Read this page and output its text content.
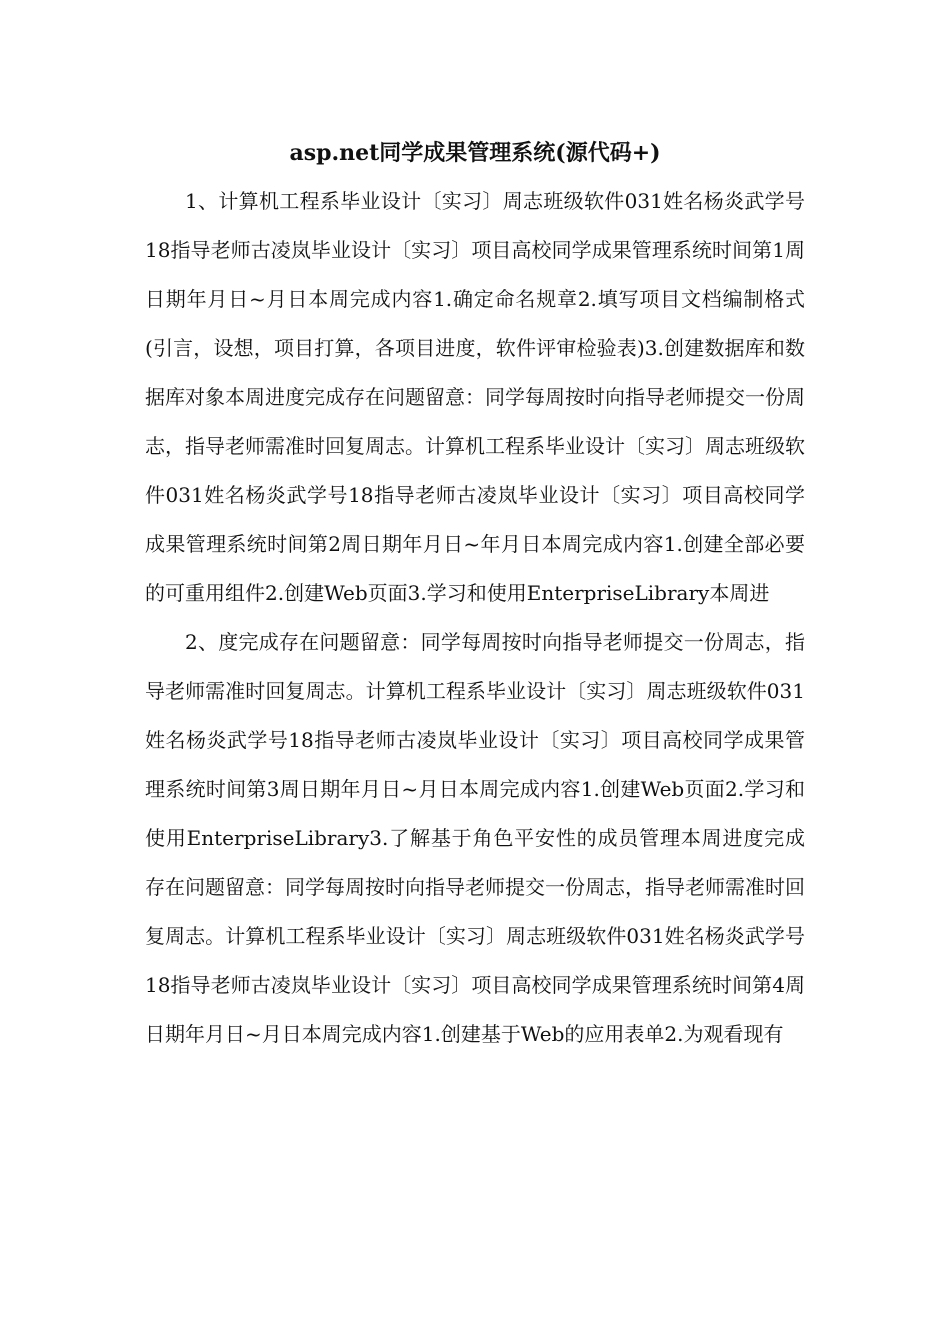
asp.net同学成果管理系统(源代码+)

1、计算机工程系毕业设计〔实习〕周志班级软件031姓名杨炎武学号18指导老师古凌岚毕业设计〔实习〕项目高校同学成果管理系统时间第1周日期年月日~月日本周完成内容1.确定命名规章2.填写项目文档编制格式(引言，设想，项目打算，各项目进度，软件评审检验表)3.创建数据库和数据库对象本周进度完成存在问题留意：同学每周按时向指导老师提交一份周志，指导老师需准时回复周志。计算机工程系毕业设计〔实习〕周志班级软件031姓名杨炎武学号18指导老师古凌岚毕业设计〔实习〕项目高校同学成果管理系统时间第2周日期年月日~年月日本周完成内容1.创建全部必要的可重用组件2.创建Web页面3.学习和使用EnterpriseLibrary本周进

2、度完成存在问题留意：同学每周按时向指导老师提交一份周志，指导老师需准时回复周志。计算机工程系毕业设计〔实习〕周志班级软件031姓名杨炎武学号18指导老师古凌岚毕业设计〔实习〕项目高校同学成果管理系统时间第3周日期年月日~月日本周完成内容1.创建Web页面2.学习和使用EnterpriseLibrary3.了解基于角色平安性的成员管理本周进度完成存在问题留意：同学每周按时向指导老师提交一份周志，指导老师需准时回复周志。计算机工程系毕业设计〔实习〕周志班级软件031姓名杨炎武学号18指导老师古凌岚毕业设计〔实习〕项目高校同学成果管理系统时间第4周日期年月日~月日本周完成内容1.创建基于Web的应用表单2.为观看现有
